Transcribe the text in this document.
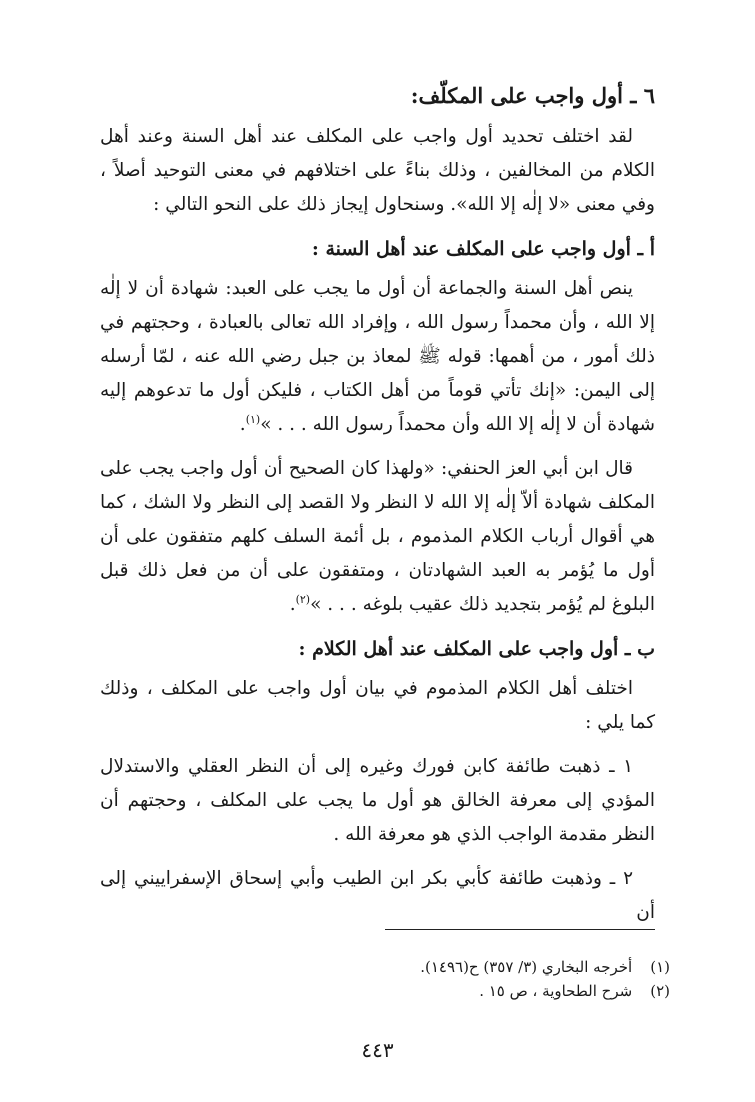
٦ ـ أول واجب على المكلّف:

لقد اختلف تحديد أول واجب على المكلف عند أهل السنة وعند أهل الكلام من المخالفين ، وذلك بناءً على اختلافهم في معنى التوحيد أصلاً ، وفي معنى «لا إلٰه إلا الله». وسنحاول إيجاز ذلك على النحو التالي :

أ ـ أول واجب على المكلف عند أهل السنة :

ينص أهل السنة والجماعة أن أول ما يجب على العبد: شهادة أن لا إلٰه إلا الله ، وأن محمداً رسول الله ، وإفراد الله تعالى بالعبادة ، وحجتهم في ذلك أمور ، من أهمها: قوله ﷺ لمعاذ بن جبل رضي الله عنه ، لمّا أرسله إلى اليمن: «إنك تأتي قوماً من أهل الكتاب ، فليكن أول ما تدعوهم إليه شهادة أن لا إلٰه إلا الله وأن محمداً رسول الله . . . »$^{(١)}$.

قال ابن أبي العز الحنفي: «ولهذا كان الصحيح أن أول واجب يجب على المكلف شهادة ألاّ إلٰه إلا الله لا النظر ولا القصد إلى النظر ولا الشك ، كما هي أقوال أرباب الكلام المذموم ، بل أئمة السلف كلهم متفقون على أن أول ما يُؤمر به العبد الشهادتان ، ومتفقون على أن من فعل ذلك قبل البلوغ لم يُؤمر بتجديد ذلك عقيب بلوغه . . . »$^{(٢)}$.

ب ـ أول واجب على المكلف عند أهل الكلام :

اختلف أهل الكلام المذموم في بيان أول واجب على المكلف ، وذلك كما يلي :

١ ـ ذهبت طائفة كابن فورك وغيره إلى أن النظر العقلي والاستدلال المؤدي إلى معرفة الخالق هو أول ما يجب على المكلف ، وحجتهم أن النظر مقدمة الواجب الذي هو معرفة الله .

٢ ـ وذهبت طائفة كأبي بكر ابن الطيب وأبي إسحاق الإسفراييني إلى أن

(١)أخرجه البخاري (٣/ ٣٥٧) ح(١٤٩٦).
(٢)شرح الطحاوية ، ص ١٥ .
٤٤٣
